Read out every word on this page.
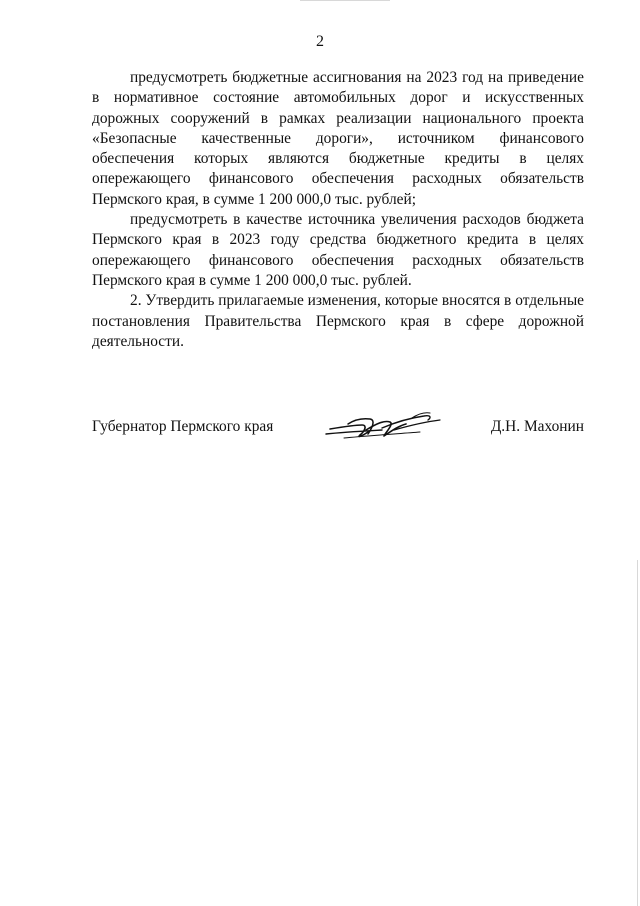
2

предусмотреть бюджетные ассигнования на 2023 год на приведение в нормативное состояние автомобильных дорог и искусственных дорожных сооружений в рамках реализации национального проекта «Безопасные качественные дороги», источником финансового обеспечения которых являются бюджетные кредиты в целях опережающего финансового обеспечения расходных обязательств Пермского края, в сумме 1 200 000,0 тыс. рублей;

предусмотреть в качестве источника увеличения расходов бюджета Пермского края в 2023 году средства бюджетного кредита в целях опережающего финансового обеспечения расходных обязательств Пермского края в сумме 1 200 000,0 тыс. рублей.

2. Утвердить прилагаемые изменения, которые вносятся в отдельные постановления Правительства Пермского края в сфере дорожной деятельности.

Губернатор Пермского края	Д.Н. Махонин
